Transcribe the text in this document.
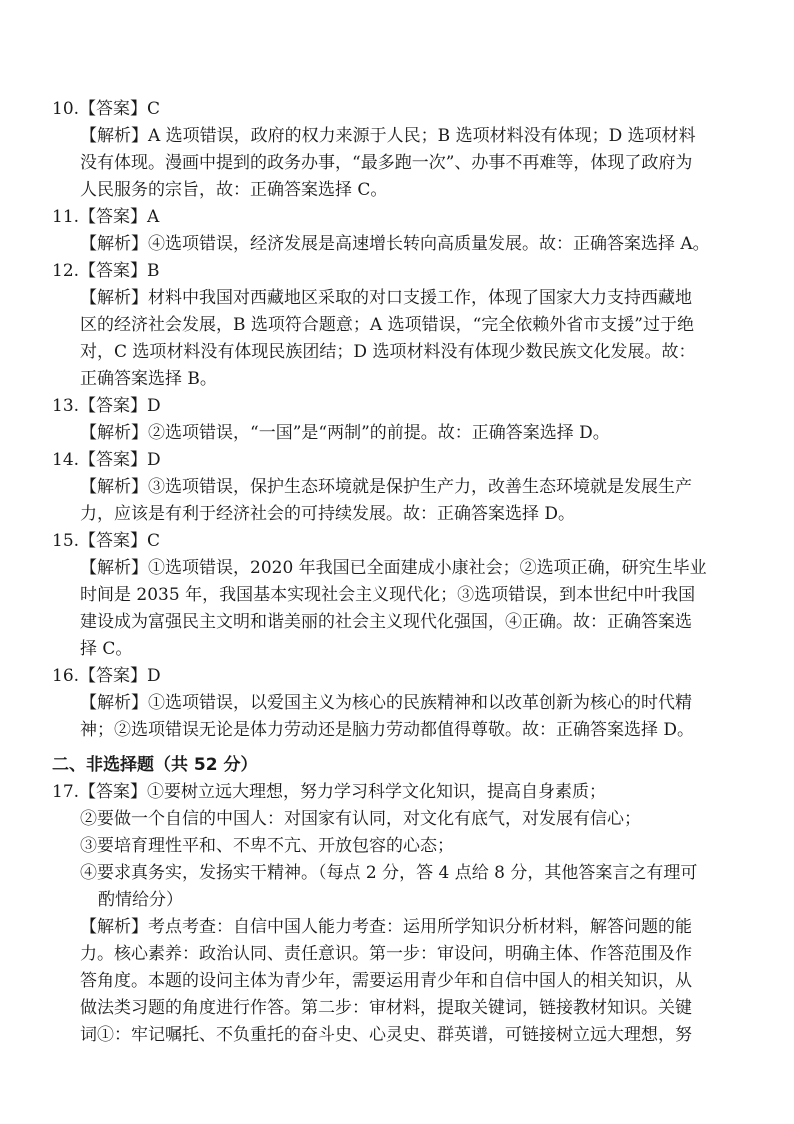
10.【答案】C
【解析】A 选项错误，政府的权力来源于人民；B 选项材料没有体现；D 选项材料
没有体现。漫画中提到的政务办事，“最多跑一次”、办事不再难等，体现了政府为
人民服务的宗旨，故：正确答案选择 C。
11.【答案】A
【解析】④选项错误，经济发展是高速增长转向高质量发展。故：正确答案选择 A。
12.【答案】B
【解析】材料中我国对西藏地区采取的对口支援工作，体现了国家大力支持西藏地
区的经济社会发展，B 选项符合题意；A 选项错误，“完全依赖外省市支援”过于绝
对，C 选项材料没有体现民族团结；D 选项材料没有体现少数民族文化发展。故：
正确答案选择 B。
13.【答案】D
【解析】②选项错误，“一国”是“两制”的前提。故：正确答案选择 D。
14.【答案】D
【解析】③选项错误，保护生态环境就是保护生产力，改善生态环境就是发展生产
力，应该是有利于经济社会的可持续发展。故：正确答案选择 D。
15.【答案】C
【解析】①选项错误，2020 年我国已全面建成小康社会；②选项正确，研究生毕业
时间是 2035 年，我国基本实现社会主义现代化；③选项错误，到本世纪中叶我国
建设成为富强民主文明和谐美丽的社会主义现代化强国，④正确。故：正确答案选
择 C。
16.【答案】D
【解析】①选项错误，以爱国主义为核心的民族精神和以改革创新为核心的时代精
神；②选项错误无论是体力劳动还是脑力劳动都值得尊敬。故：正确答案选择 D。
二、非选择题（共 52 分）
17.【答案】①要树立远大理想，努力学习科学文化知识，提高自身素质；
②要做一个自信的中国人：对国家有认同，对文化有底气，对发展有信心；
③要培育理性平和、不卑不亢、开放包容的心态；
④要求真务实，发扬实干精神。（每点 2 分，答 4 点给 8 分，其他答案言之有理可
酌情给分）
【解析】考点考查：自信中国人能力考查：运用所学知识分析材料，解答问题的能
力。核心素养：政治认同、责任意识。第一步：审设问，明确主体、作答范围及作
答角度。本题的设问主体为青少年，需要运用青少年和自信中国人的相关知识，从
做法类习题的角度进行作答。第二步：审材料，提取关键词，链接教材知识。关键
词①：牢记嘱托、不负重托的奋斗史、心灵史、群英谱，可链接树立远大理想，努
